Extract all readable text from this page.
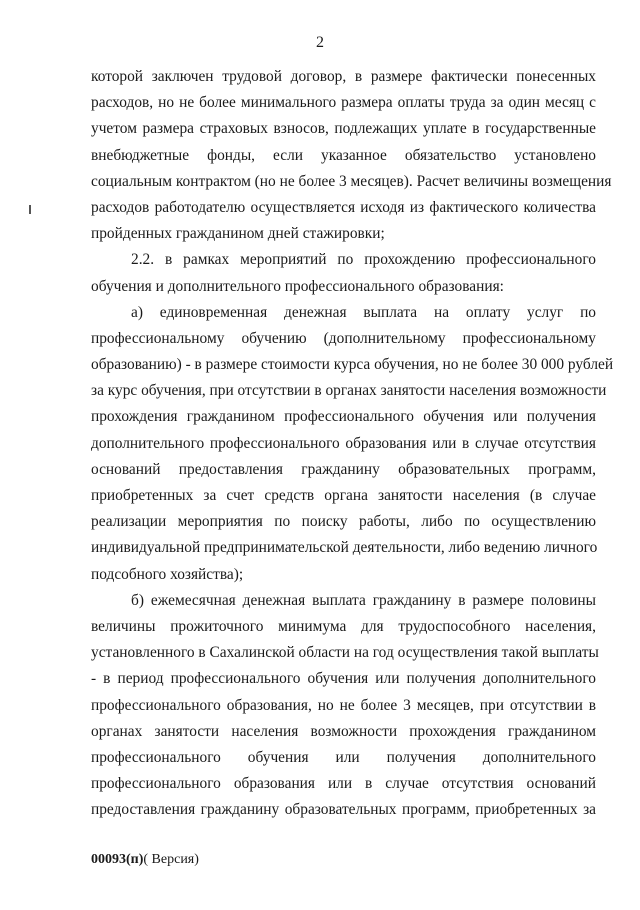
2
которой заключен трудовой договор, в размере фактически понесенных
расходов, но не более минимального размера оплаты труда за один месяц с
учетом размера страховых взносов, подлежащих уплате в государственные
внебюджетные фонды, если указанное обязательство установлено
социальным контрактом (но не более 3 месяцев). Расчет величины возмещения
расходов работодателю осуществляется исходя из фактического количества
пройденных гражданином дней стажировки;
2.2. в рамках мероприятий по прохождению профессионального
обучения и дополнительного профессионального образования:
а) единовременная денежная выплата на оплату услуг по
профессиональному обучению (дополнительному профессиональному
образованию) - в размере стоимости курса обучения, но не более 30 000 рублей
за курс обучения, при отсутствии в органах занятости населения возможности
прохождения гражданином профессионального обучения или получения
дополнительного профессионального образования или в случае отсутствия
оснований предоставления гражданину образовательных программ,
приобретенных за счет средств органа занятости населения (в случае
реализации мероприятия по поиску работы, либо по осуществлению
индивидуальной предпринимательской деятельности, либо ведению личного
подсобного хозяйства);
б) ежемесячная денежная выплата гражданину в размере половины
величины прожиточного минимума для трудоспособного населения,
установленного в Сахалинской области на год осуществления такой выплаты
- в период профессионального обучения или получения дополнительного
профессионального образования, но не более 3 месяцев, при отсутствии в
органах занятости населения возможности прохождения гражданином
профессионального обучения или получения дополнительного
профессионального образования или в случае отсутствия оснований
предоставления гражданину образовательных программ, приобретенных за
00093(п)( Версия)
